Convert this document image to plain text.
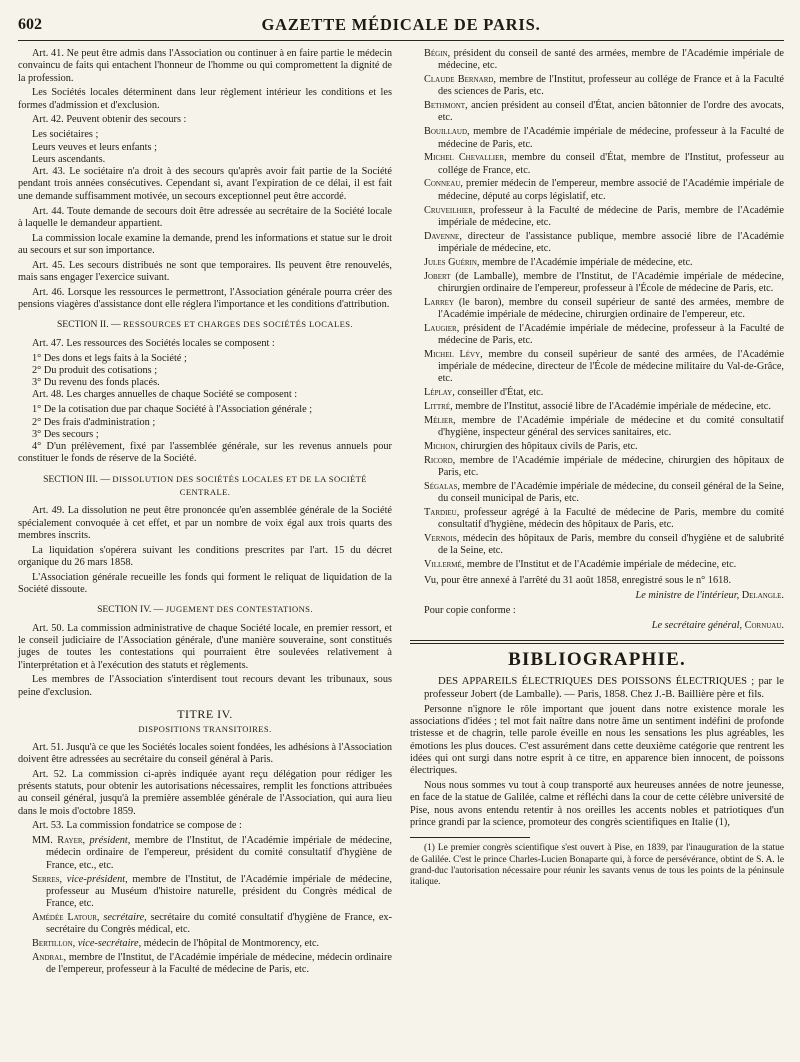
602	GAZETTE MÉDICALE DE PARIS.

Art. 41. Ne peut être admis dans l'Association ou continuer à en faire partie le médecin convaincu de faits qui entachent l'honneur de l'homme ou qui compromettent la dignité de la profession.

Les Sociétés locales déterminent dans leur règlement intérieur les conditions et les formes d'admission et d'exclusion.

Art. 42. Peuvent obtenir des secours :

Les sociétaires ;

Leurs veuves et leurs enfants ;

Leurs ascendants.

Art. 43. Le sociétaire n'a droit à des secours qu'après avoir fait partie de la Société pendant trois années consécutives. Cependant si, avant l'expiration de ce délai, il est fait une demande suffisamment motivée, un secours exceptionnel peut être accordé.

Art. 44. Toute demande de secours doit être adressée au secrétaire de la Société locale à laquelle le demandeur appartient.

La commission locale examine la demande, prend les informations et statue sur le droit au secours et sur son importance.

Art. 45. Les secours distribués ne sont que temporaires. Ils peuvent être renouvelés, mais sans engager l'exercice suivant.

Art. 46. Lorsque les ressources le permettront, l'Association générale pourra créer des pensions viagères d'assistance dont elle réglera l'importance et les conditions d'attribution.

SECTION II. — RESSOURCES ET CHARGES DES SOCIÉTÉS LOCALES.

Art. 47. Les ressources des Sociétés locales se composent :

1° Des dons et legs faits à la Société ;

2° Du produit des cotisations ;

3° Du revenu des fonds placés.

Art. 48. Les charges annuelles de chaque Société se composent :

1° De la cotisation due par chaque Société à l'Association générale ;

2° Des frais d'administration ;

3° Des secours ;

4° D'un prélèvement, fixé par l'assemblée générale, sur les revenus annuels pour constituer le fonds de réserve de la Société.

SECTION III. — DISSOLUTION DES SOCIÉTÉS LOCALES ET DE LA SOCIÉTÉ CENTRALE.

Art. 49. La dissolution ne peut être prononcée qu'en assemblée générale de la Société spécialement convoquée à cet effet, et par un nombre de voix égal aux trois quarts des membres inscrits.

La liquidation s'opérera suivant les conditions prescrites par l'art. 15 du décret organique du 26 mars 1858.

L'Association générale recueille les fonds qui forment le reliquat de liquidation de la Société dissoute.

SECTION IV. — JUGEMENT DES CONTESTATIONS.

Art. 50. La commission administrative de chaque Société locale, en premier ressort, et le conseil judiciaire de l'Association générale, d'une manière souveraine, sont constitués juges de toutes les contestations qui pourraient être soulevées relativement à l'interprétation et à l'exécution des statuts et règlements.

Les membres de l'Association s'interdisent tout recours devant les tribunaux, sous peine d'exclusion.

TITRE IV.
DISPOSITIONS TRANSITOIRES.

Art. 51. Jusqu'à ce que les Sociétés locales soient fondées, les adhésions à l'Association doivent être adressées au secrétaire du conseil général à Paris.

Art. 52. La commission ci-après indiquée ayant reçu délégation pour rédiger les présents statuts, pour obtenir les autorisations nécessaires, remplit les fonctions attribuées au conseil général, jusqu'à la première assemblée générale de l'Association, qui aura lieu dans le mois d'octobre 1859.

Art. 53. La commission fondatrice se compose de :

MM. Rayer, président, membre de l'Institut, de l'Académie impériale de médecine, médecin ordinaire de l'empereur, président du comité consultatif d'hygiène de France, etc., etc.

Serres, vice-président, membre de l'Institut, de l'Académie impériale de médecine, professeur au Muséum d'histoire naturelle, président du Congrès médical de France, etc.

Amédée Latour, secrétaire, secrétaire du comité consultatif d'hygiène de France, ex-secrétaire du Congrès médical, etc.

Bertillon, vice-secrétaire, médecin de l'hôpital de Montmorency, etc.

Andral, membre de l'Institut, de l'Académie impériale de médecine, médecin ordinaire de l'empereur, professeur à la Faculté de médecine de Paris, etc.

Bégin, président du conseil de santé des armées, membre de l'Académie impériale de médecine, etc.

Claude Bernard, membre de l'Institut, professeur au collége de France et à la Faculté des sciences de Paris, etc.

Bethmont, ancien président au conseil d'État, ancien bâtonnier de l'ordre des avocats, etc.

Bouillaud, membre de l'Académie impériale de médecine, professeur à la Faculté de médecine de Paris, etc.

Michel Chevallier, membre du conseil d'État, membre de l'Institut, professeur au collége de France, etc.

Conneau, premier médecin de l'empereur, membre associé de l'Académie impériale de médecine, député au corps législatif, etc.

Cruveilhier, professeur à la Faculté de médecine de Paris, membre de l'Académie impériale de médecine, etc.

Davenne, directeur de l'assistance publique, membre associé libre de l'Académie impériale de médecine, etc.

Jules Guérin, membre de l'Académie impériale de médecine, etc.

Jobert (de Lamballe), membre de l'Institut, de l'Académie impériale de médecine, chirurgien ordinaire de l'empereur, professeur à l'École de médecine de Paris, etc.

Larrey (le baron), membre du conseil supérieur de santé des armées, membre de l'Académie impériale de médecine, chirurgien ordinaire de l'empereur, etc.

Laugier, président de l'Académie impériale de médecine, professeur à la Faculté de médecine de Paris, etc.

Michel Lévy, membre du conseil supérieur de santé des armées, de l'Académie impériale de médecine, directeur de l'École de médecine militaire du Val-de-Grâce, etc.

Léplay, conseiller d'État, etc.

Littré, membre de l'Institut, associé libre de l'Académie impériale de médecine, etc.

Mélier, membre de l'Académie impériale de médecine et du comité consultatif d'hygiène, inspecteur général des services sanitaires, etc.

Michon, chirurgien des hôpitaux civils de Paris, etc.

Ricord, membre de l'Académie impériale de médecine, chirurgien des hôpitaux de Paris, etc.

Ségalas, membre de l'Académie impériale de médecine, du conseil général de la Seine, du conseil municipal de Paris, etc.

Tardieu, professeur agrégé à la Faculté de médecine de Paris, membre du comité consultatif d'hygiène, médecin des hôpitaux de Paris, etc.

Vernois, médecin des hôpitaux de Paris, membre du conseil d'hygiène et de salubrité de la Seine, etc.

Villermé, membre de l'Institut et de l'Académie impériale de médecine, etc.

Vu, pour être annexé à l'arrêté du 31 août 1858, enregistré sous le n° 1618.

Le ministre de l'intérieur, Delangle.

Pour copie conforme :

Le secrétaire général, Cornuau.

BIBLIOGRAPHIE.

DES APPAREILS ÉLECTRIQUES DES POISSONS ÉLECTRIQUES ; par le professeur Jobert (de Lamballe). — Paris, 1858. Chez J.-B. Baillière père et fils.

Personne n'ignore le rôle important que jouent dans notre existence morale les associations d'idées ; tel mot fait naître dans notre âme un sentiment indéfini de profonde tristesse et de chagrin, telle parole éveille en nous les sensations les plus agréables, les émotions les plus douces. C'est assurément dans cette deuxième catégorie que rentrent les idées qui ont surgi dans notre esprit à ce titre, en apparence bien innocent, de poissons électriques.

Nous nous sommes vu tout à coup transporté aux heureuses années de notre jeunesse, en face de la statue de Galilée, calme et réfléchi dans la cour de cette célèbre université de Pise, nous avons entendu retentir à nos oreilles les accents nobles et patriotiques d'un prince grandi par la science, promoteur des congrès scientifiques en Italie (1),

(1) Le premier congrès scientifique s'est ouvert à Pise, en 1839, par l'inauguration de la statue de Galilée. C'est le prince Charles-Lucien Bonaparte qui, à force de persévérance, obtint de S. A. le grand-duc l'autorisation nécessaire pour réunir les savants venus de tous les points de la péninsule italique.
